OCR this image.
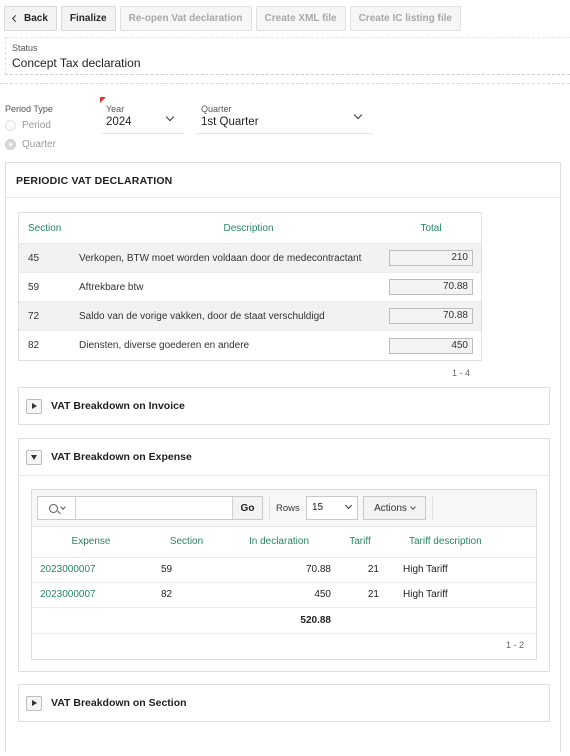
Back Finalize Re-open Vat declaration Create XML file Create IC listing file
Status
Concept Tax declaration
Period Type
Period
Quarter
Year
2024
Quarter
1st Quarter
PERIODIC VAT DECLARATION
Section	Description	Total
45	Verkopen, BTW moet worden voldaan door de medecontractant	210
59	Aftrekbare btw	70.88
72	Saldo van de vorige vakken, door de staat verschuldigd	70.88
82	Diensten, diverse goederen en andere	450
1 - 4
VAT Breakdown on Invoice
VAT Breakdown on Expense
Go	Rows	15	Actions
Expense	Section	In declaration	Tariff	Tariff description
2023000007	59	70.88	21	High Tariff
2023000007	82	450	21	High Tariff
		520.88		
1 - 2
VAT Breakdown on Section
